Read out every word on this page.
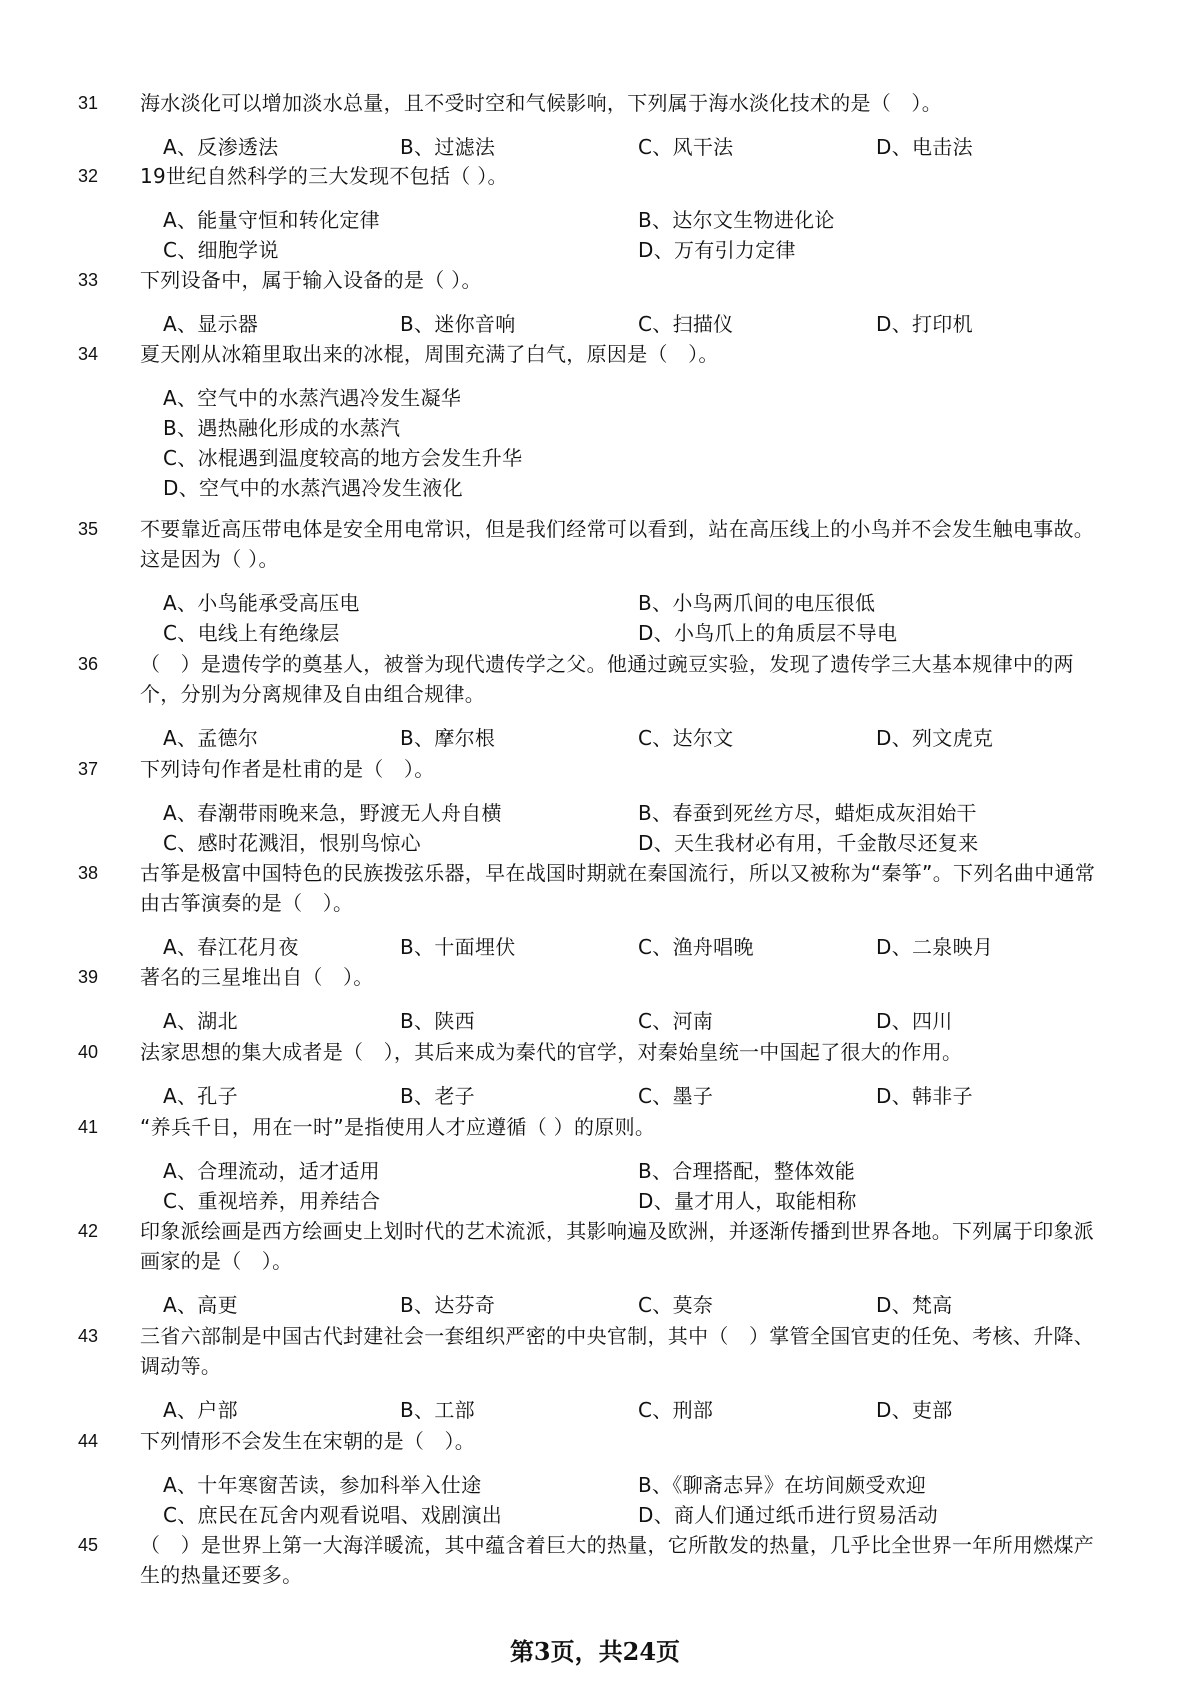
31 海水淡化可以增加淡水总量，且不受时空和气候影响，下列属于海水淡化技术的是（　）。
A、反渗透法	B、过滤法	C、风干法	D、电击法
32 19世纪自然科学的三大发现不包括（ ）。
A、能量守恒和转化定律	B、达尔文生物进化论
C、细胞学说	D、万有引力定律
33 下列设备中，属于输入设备的是（ ）。
A、显示器	B、迷你音响	C、扫描仪	D、打印机
34 夏天刚从冰箱里取出来的冰棍，周围充满了白气，原因是（　）。
A、空气中的水蒸汽遇冷发生凝华
B、遇热融化形成的水蒸汽
C、冰棍遇到温度较高的地方会发生升华
D、空气中的水蒸汽遇冷发生液化
35 不要靠近高压带电体是安全用电常识，但是我们经常可以看到，站在高压线上的小鸟并不会发生触电事故。这是因为（ ）。
A、小鸟能承受高压电	B、小鸟两爪间的电压很低
C、电线上有绝缘层	D、小鸟爪上的角质层不导电
36 （　）是遗传学的奠基人，被誉为现代遗传学之父。他通过豌豆实验，发现了遗传学三大基本规律中的两个，分别为分离规律及自由组合规律。
A、孟德尔	B、摩尔根	C、达尔文	D、列文虎克
37 下列诗句作者是杜甫的是（　）。
A、春潮带雨晚来急，野渡无人舟自横	B、春蚕到死丝方尽，蜡炬成灰泪始干
C、感时花溅泪，恨别鸟惊心	D、天生我材必有用，千金散尽还复来
38 古筝是极富中国特色的民族拨弦乐器，早在战国时期就在秦国流行，所以又被称为“秦筝”。下列名曲中通常由古筝演奏的是（　）。
A、春江花月夜	B、十面埋伏	C、渔舟唱晚	D、二泉映月
39 著名的三星堆出自（　）。
A、湖北	B、陕西	C、河南	D、四川
40 法家思想的集大成者是（　），其后来成为秦代的官学，对秦始皇统一中国起了很大的作用。
A、孔子	B、老子	C、墨子	D、韩非子
41 “养兵千日，用在一时”是指使用人才应遵循（ ）的原则。
A、合理流动，适才适用	B、合理搭配，整体效能
C、重视培养，用养结合	D、量才用人，取能相称
42 印象派绘画是西方绘画史上划时代的艺术流派，其影响遍及欧洲，并逐渐传播到世界各地。下列属于印象派画家的是（　）。
A、高更	B、达芬奇	C、莫奈	D、梵高
43 三省六部制是中国古代封建社会一套组织严密的中央官制，其中（　）掌管全国官吏的任免、考核、升降、调动等。
A、户部	B、工部	C、刑部	D、吏部
44 下列情形不会发生在宋朝的是（　）。
A、十年寒窗苦读，参加科举入仕途	B、《聊斋志异》在坊间颇受欢迎
C、庶民在瓦舍内观看说唱、戏剧演出	D、商人们通过纸币进行贸易活动
45 （　）是世界上第一大海洋暖流，其中蕴含着巨大的热量，它所散发的热量，几乎比全世界一年所用燃煤产生的热量还要多。
第3页，共24页
